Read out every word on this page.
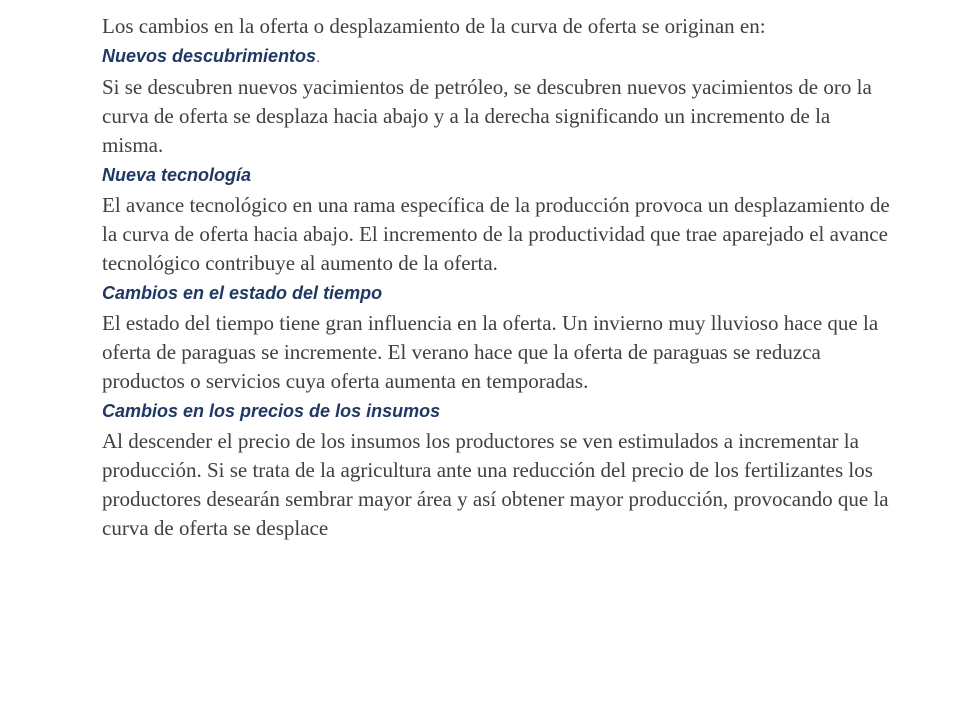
Los cambios en la oferta o desplazamiento de la curva de oferta se originan en:

Nuevos descubrimientos.

Si se descubren nuevos yacimientos de petróleo, se descubren nuevos yacimientos de oro la curva de oferta se desplaza hacia abajo y a la derecha significando un incremento de la misma.

Nueva tecnología

El avance tecnológico en una rama específica de la producción provoca un desplazamiento de la curva de oferta hacia abajo. El incremento de la productividad que trae aparejado el avance tecnológico contribuye al aumento de la oferta.

Cambios en el estado del tiempo

El estado del tiempo tiene gran influencia en la oferta. Un invierno muy lluvioso hace que la oferta de paraguas se incremente. El verano hace que la oferta de paraguas se reduzca productos o servicios cuya oferta aumenta en temporadas.

Cambios en los precios de los insumos

Al descender el precio de los insumos los productores se ven estimulados a incrementar la producción. Si se trata de la agricultura ante una reducción del precio de los fertilizantes los productores desearán sembrar mayor área y así obtener mayor producción, provocando que la curva de oferta se desplace
